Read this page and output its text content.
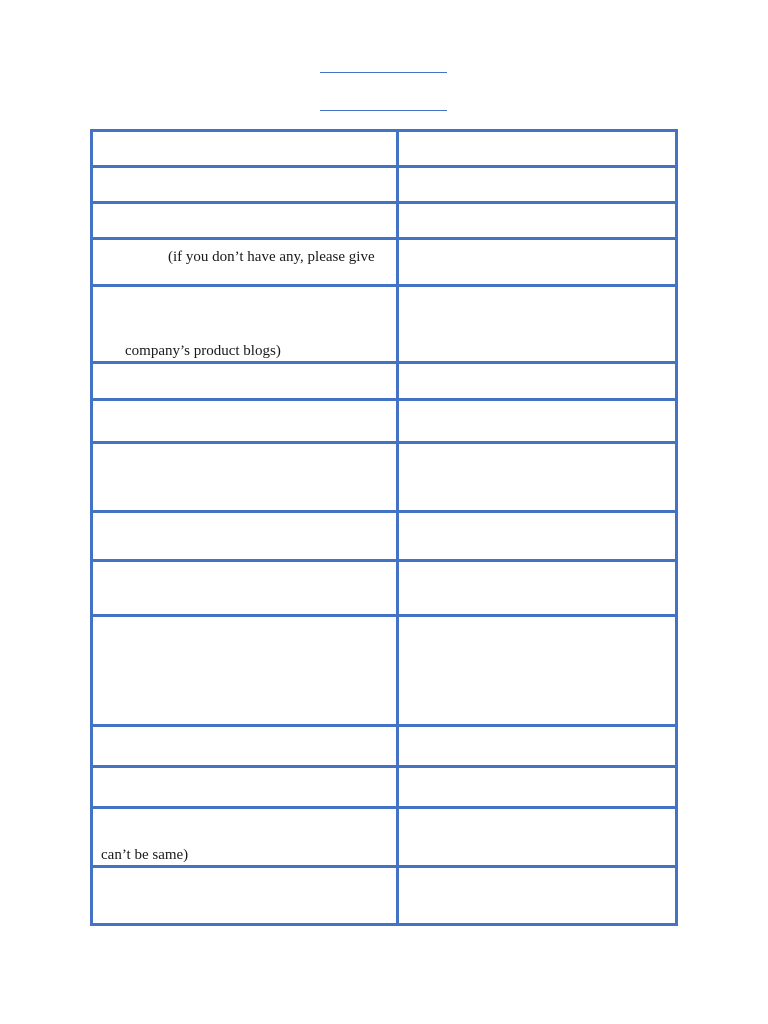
(if you don’t have any, please give	

company’s product blogs)	

can’t be same)	
